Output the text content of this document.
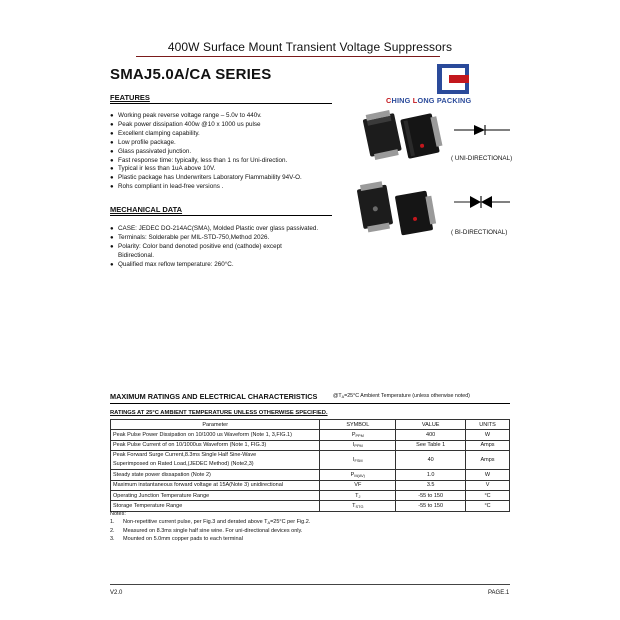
400W Surface Mount Transient Voltage Suppressors
SMAJ5.0A/CA SERIES
CHING LONG PACKING
FEATURES
● Working peak reverse voltage range – 5.0v to 440v.
● Peak power dissipation 400w @10 x 1000 us pulse
● Excellent clamping capability.
● Low profile package.
● Glass passivated junction.
● Fast response time: typically, less than 1 ns for Uni-direction.
● Typical ir less than 1uA above 10V.
● Plastic package has Underwriters Laboratory Flammability 94V-O.
● Rohs compliant in lead-free versions .
MECHANICAL DATA
● CASE: JEDEC DO-214AC(SMA), Molded Plastic over glass passivated.
● Terminals: Solderable per MIL-STD-750,Method 2026.
● Polarity: Color band denoted positive end (cathode) except
Bidirectional.
● Qualified max reflow temperature: 260°C.
( UNI-DIRECTIONAL)
( BI-DIRECTIONAL)
MAXIMUM RATINGS AND ELECTRICAL CHARACTERISTICS	$@T_A=25^\circ C$ Ambient Temperature (unless otherwise noted)
RATINGS AT 25°C AMBIENT TEMPERATURE UNLESS OTHERWISE SPECIFIED.
Parameter	SYMBOL	VALUE	UNITS
Peak Pulse Power Dissipation on 10/1000 us Waveform (Note 1, 3,FIG.1)	$P_{PPM}$	400	W
Peak Pulse Current of on 10/1000us Waveform (Note 1, FIG.3)	$I_{PPM}$	See Table 1	Amps

Peak Forward Surge Current,8.3ms Single Half Sine-Wave
Superimposed on Rated Load,(JEDEC Method) (Note2,3)	$I_{FSM}$	40	Amps
Steady state power dissapation (Note 2)	$P_{M(AV)}$	1.0	W
Maximum instantaneous forward voltage at 15A(Note 3) unidirectional	VF	3.5	V
Operating Junction Temperature Range	$T_J$	-55 to 150	°C
Storage Temperature Range	$T_{STG}$	-55 to 150	°C
Notes:
1.	Non-repetitive current pulse, per Fig.3 and derated above $T_A=25^\circ C$ per Fig.2.
2.	Measured on 8.3ms single half sine wine. For uni-directional devices only.
3.	Mounted on 5.0mm copper pads to each terminal
V2.0	PAGE.1
